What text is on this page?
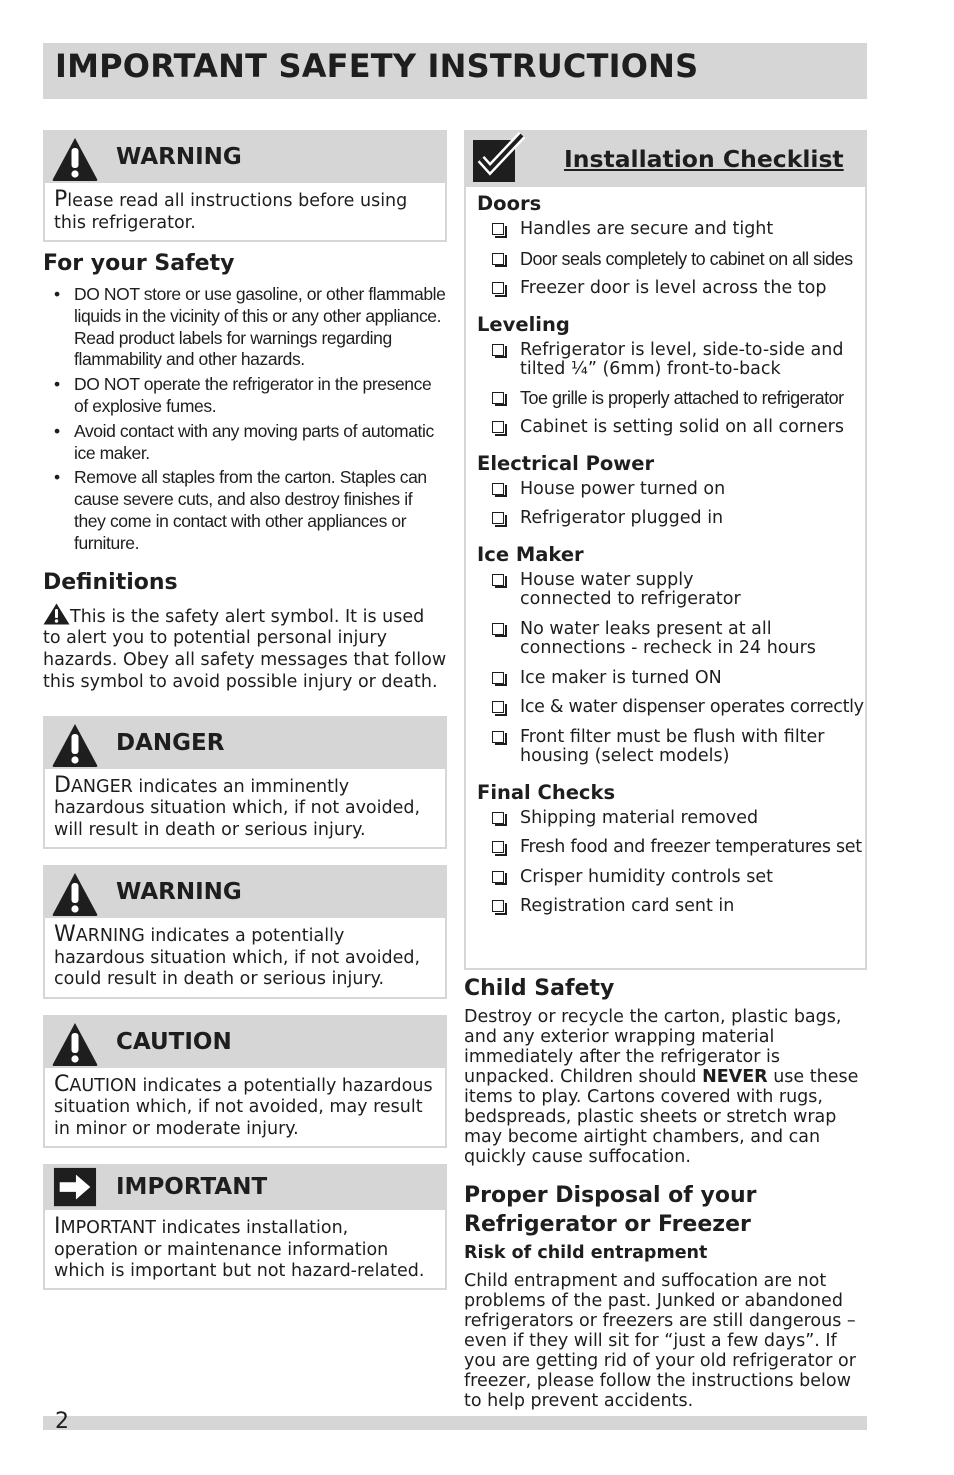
IMPORTANT SAFETY INSTRUCTIONS
WARNING
Please read all instructions before using this refrigerator.
For your Safety
• DO NOT store or use gasoline, or other flammable liquids in the vicinity of this or any other appliance. Read product labels for warnings regarding flammability and other hazards.
• DO NOT operate the refrigerator in the presence of explosive fumes.
• Avoid contact with any moving parts of automatic ice maker.
• Remove all staples from the carton. Staples can cause severe cuts, and also destroy finishes if they come in contact with other appliances or furniture.
Definitions
This is the safety alert symbol. It is used to alert you to potential personal injury hazards. Obey all safety messages that follow this symbol to avoid possible injury or death.
DANGER
DANGER indicates an imminently hazardous situation which, if not avoided, will result in death or serious injury.
WARNING
WARNING indicates a potentially hazardous situation which, if not avoided, could result in death or serious injury.
CAUTION
CAUTION indicates a potentially hazardous situation which, if not avoided, may result in minor or moderate injury.
IMPORTANT
IMPORTANT indicates installation, operation or maintenance information which is important but not hazard-related.
Installation Checklist
Doors
Handles are secure and tight
Door seals completely to cabinet on all sides
Freezer door is level across the top
Leveling
Refrigerator is level, side-to-side and tilted ¼” (6mm) front-to-back
Toe grille is properly attached to refrigerator
Cabinet is setting solid on all corners
Electrical Power
House power turned on
Refrigerator plugged in
Ice Maker
House water supply connected to refrigerator
No water leaks present at all connections - recheck in 24 hours
Ice maker is turned ON
Ice & water dispenser operates correctly
Front filter must be flush with filter housing (select models)
Final Checks
Shipping material removed
Fresh food and freezer temperatures set
Crisper humidity controls set
Registration card sent in
Child Safety

Destroy or recycle the carton, plastic bags, and any exterior wrapping material immediately after the refrigerator is unpacked. Children should NEVER use these items to play. Cartons covered with rugs, bedspreads, plastic sheets or stretch wrap may become airtight chambers, and can quickly cause suffocation.

Proper Disposal of your Refrigerator or Freezer
Risk of child entrapment

Child entrapment and suffocation are not problems of the past. Junked or abandoned refrigerators or freezers are still dangerous – even if they will sit for “just a few days”. If you are getting rid of your old refrigerator or freezer, please follow the instructions below to help prevent accidents.

2
